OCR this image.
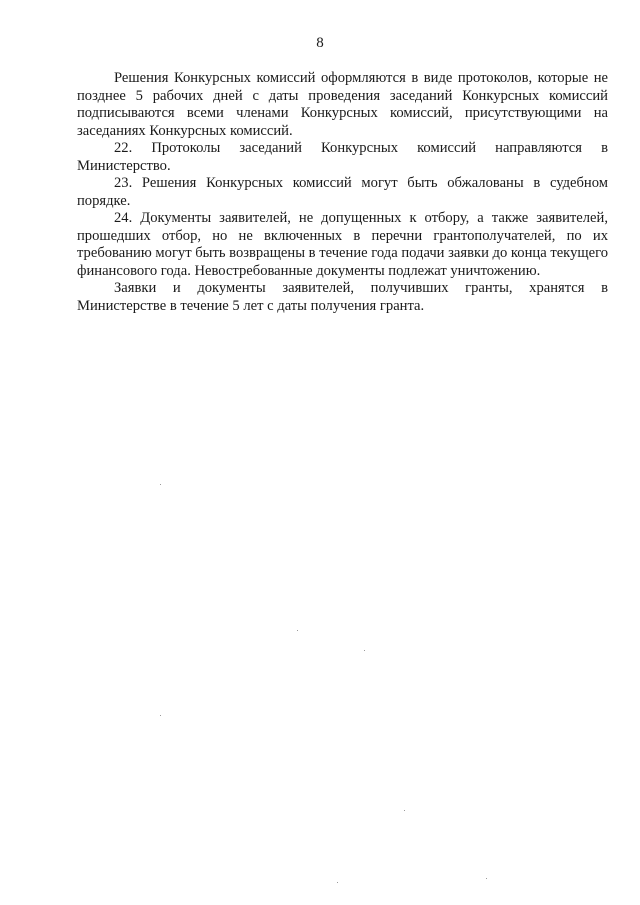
8

Решения Конкурсных комиссий оформляются в виде протоколов, которые не позднее 5 рабочих дней с даты проведения заседаний Конкурсных комиссий подписываются всеми членами Конкурсных комиссий, присутствующими на заседаниях Конкурсных комиссий.

22. Протоколы заседаний Конкурсных комиссий направляются в Министерство.

23. Решения Конкурсных комиссий могут быть обжалованы в судебном порядке.

24. Документы заявителей, не допущенных к отбору, а также заявителей, прошедших отбор, но не включенных в перечни грантополучателей, по их требованию могут быть возвращены в течение года подачи заявки до конца текущего финансового года. Невостребованные документы подлежат уничтожению.

Заявки и документы заявителей, получивших гранты, хранятся в Министерстве в течение 5 лет с даты получения гранта.
